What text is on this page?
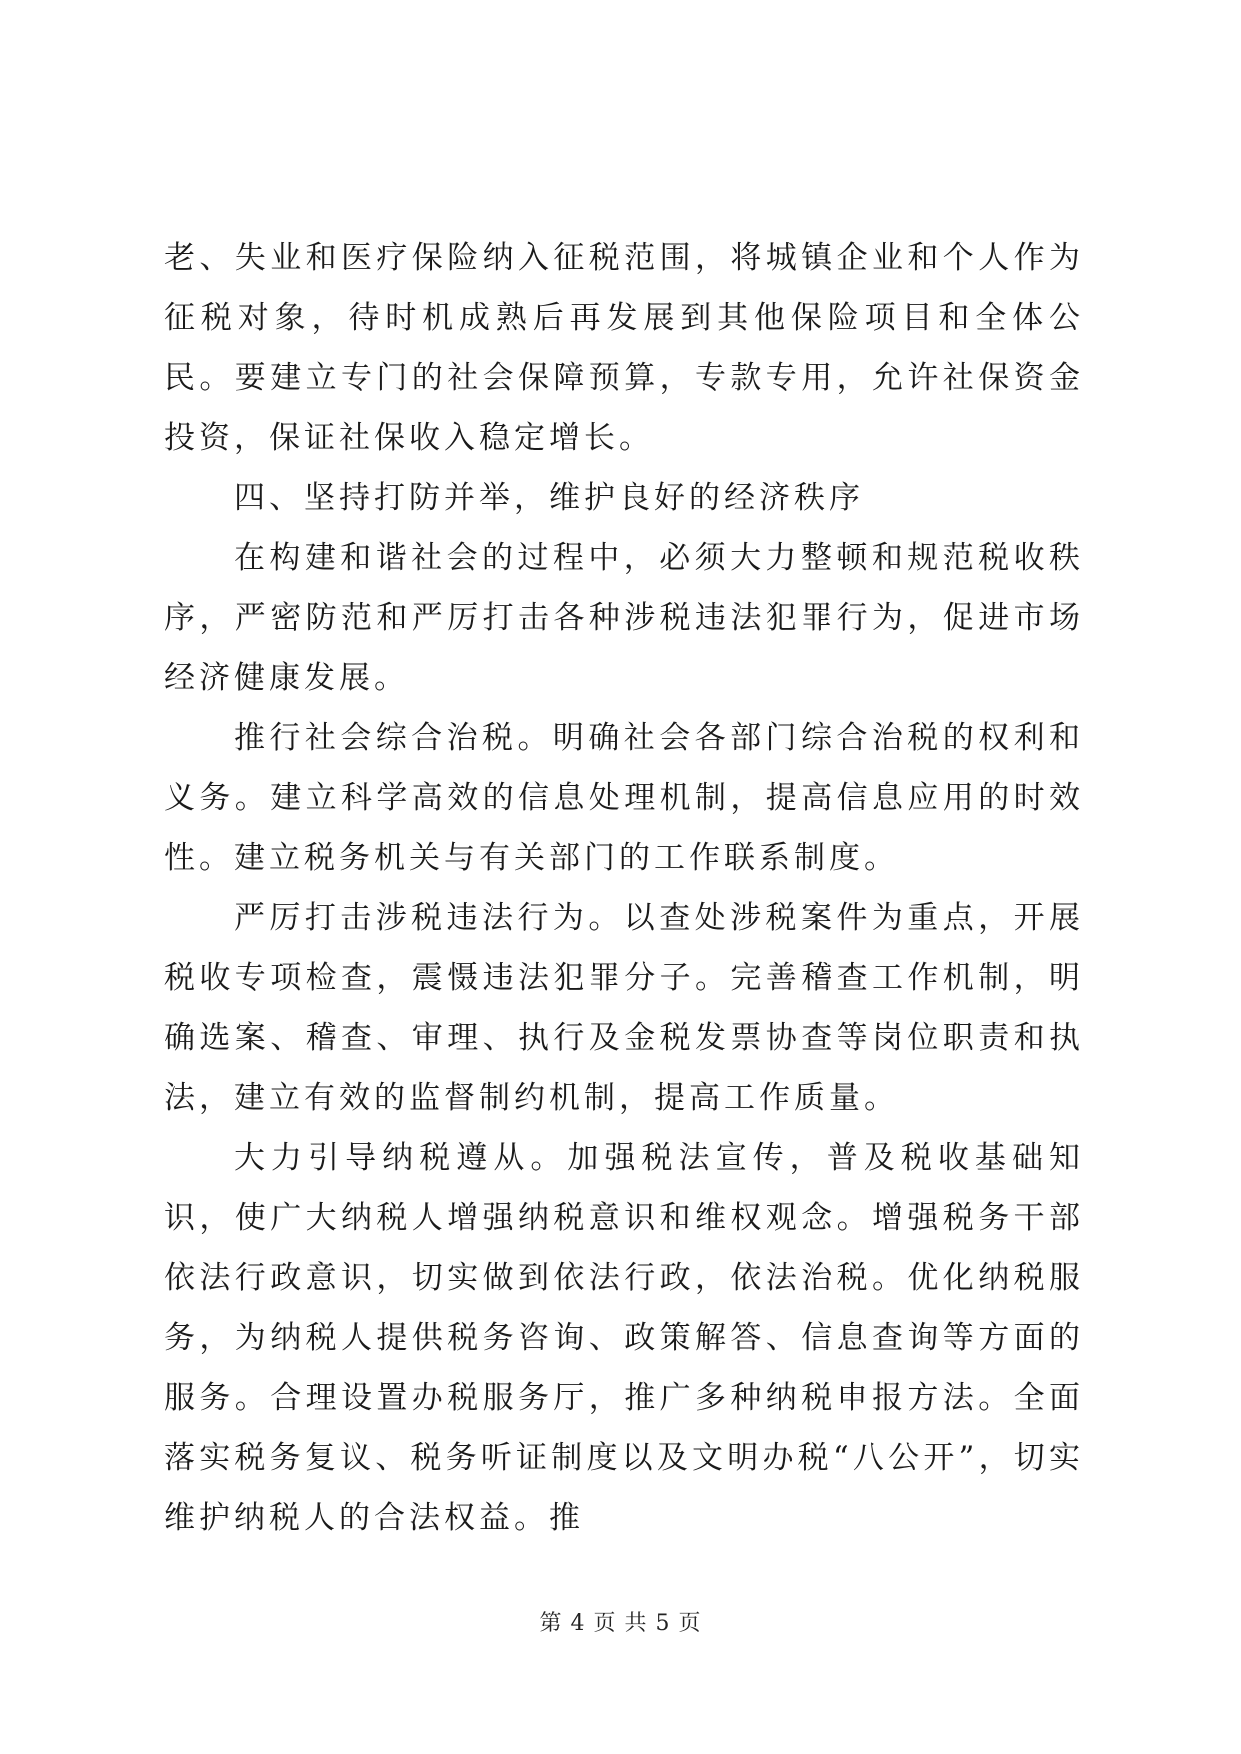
老、失业和医疗保险纳入征税范围，将城镇企业和个人作为征税对象，待时机成熟后再发展到其他保险项目和全体公民。要建立专门的社会保障预算，专款专用，允许社保资金投资，保证社保收入稳定增长。

四、坚持打防并举，维护良好的经济秩序

在构建和谐社会的过程中，必须大力整顿和规范税收秩序，严密防范和严厉打击各种涉税违法犯罪行为，促进市场经济健康发展。

推行社会综合治税。明确社会各部门综合治税的权利和义务。建立科学高效的信息处理机制，提高信息应用的时效性。建立税务机关与有关部门的工作联系制度。

严厉打击涉税违法行为。以查处涉税案件为重点，开展税收专项检查，震慑违法犯罪分子。完善稽查工作机制，明确选案、稽查、审理、执行及金税发票协查等岗位职责和执法，建立有效的监督制约机制，提高工作质量。

大力引导纳税遵从。加强税法宣传，普及税收基础知识，使广大纳税人增强纳税意识和维权观念。增强税务干部依法行政意识，切实做到依法行政，依法治税。优化纳税服务，为纳税人提供税务咨询、政策解答、信息查询等方面的服务。合理设置办税服务厅，推广多种纳税申报方法。全面落实税务复议、税务听证制度以及文明办税“八公开”，切实维护纳税人的合法权益。推

第 4 页 共 5 页
